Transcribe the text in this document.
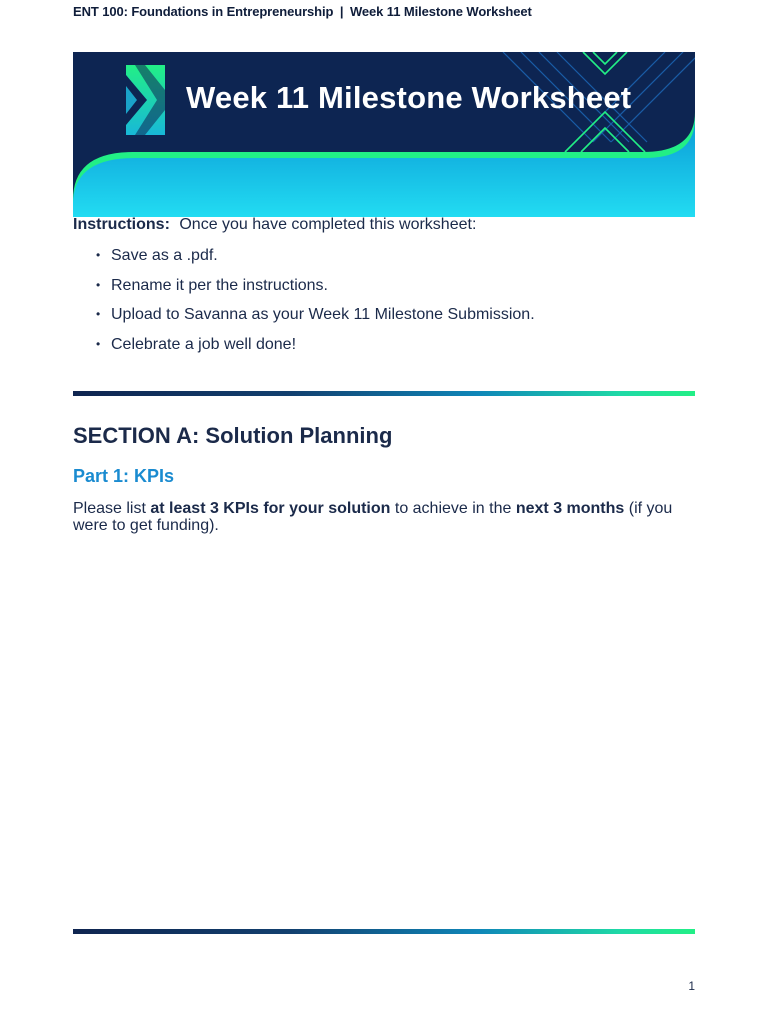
ENT 100: Foundations in Entrepreneurship | Week 11 Milestone Worksheet
Week 11 Milestone Worksheet
Instructions: Once you have completed this worksheet:
• Save as a .pdf.
• Rename it per the instructions.
• Upload to Savanna as your Week 11 Milestone Submission.
• Celebrate a job well done!
SECTION A: Solution Planning
Part 1: KPIs
Please list at least 3 KPIs for your solution to achieve in the next 3 months (if you were to get funding).
1
